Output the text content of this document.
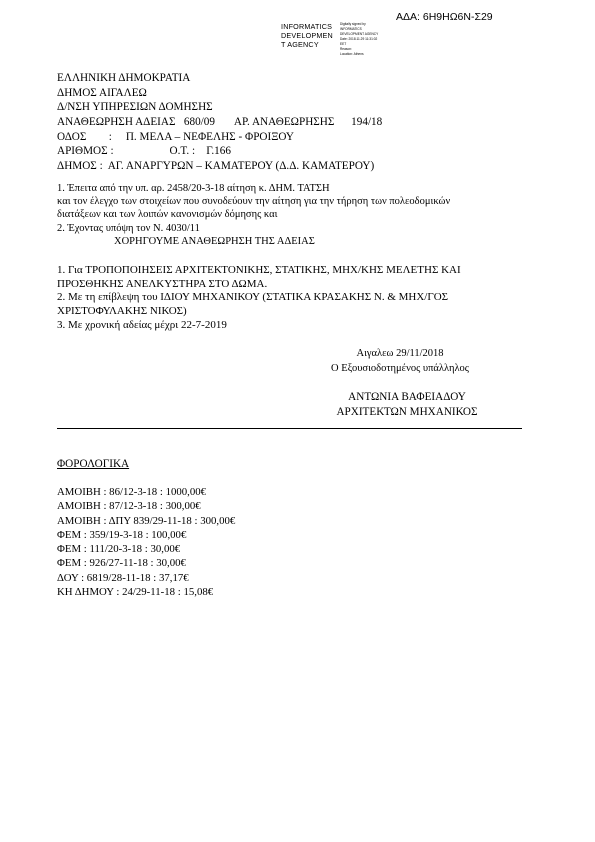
ΑΔΑ: 6Η9ΗΩ6Ν-Σ29
INFORMATICS
DEVELOPMEN
T AGENCY
Digitally signed by
INFORMATICS
DEVELOPMENT AGENCY
Date: 2018.11.29 11:31:02
EET
Reason:
Location: Athens
ΕΛΛΗΝΙΚΗ ΔΗΜΟΚΡΑΤΙΑ
ΔΗΜΟΣ ΑΙΓΑΛΕΩ
Δ/ΝΣΗ ΥΠΗΡΕΣΙΩΝ ΔΟΜΗΣΗΣ
ΑΝΑΘΕΩΡΗΣΗ ΑΔΕΙΑΣ   680/09       ΑΡ. ΑΝΑΘΕΩΡΗΣΗΣ      194/18
ΟΔΟΣ        :     Π. ΜΕΛΑ – ΝΕΦΕΛΗΣ - ΦΡΟΙΞΟΥ
ΑΡΙΘΜΟΣ :                    Ο.Τ. :    Γ.166
ΔΗΜΟΣ :  ΑΓ. ΑΝΑΡΓΥΡΩΝ – ΚΑΜΑΤΕΡΟΥ (Δ.Δ. ΚΑΜΑΤΕΡΟΥ)
1. Έπειτα από την υπ. αρ. 2458/20-3-18 αίτηση κ. ΔΗΜ. ΤΑΤΣΗ
και τον έλεγχο των στοιχείων που συνοδεύουν την αίτηση για την τήρηση των πολεοδομικών
διατάξεων και των λοιπών κανονισμών δόμησης και
2. Έχοντας υπόψη τον Ν. 4030/11
ΧΟΡΗΓΟΥΜΕ ΑΝΑΘΕΩΡΗΣΗ ΤΗΣ ΑΔΕΙΑΣ
1. Για ΤΡΟΠΟΠΟΙΗΣΕΙΣ ΑΡΧΙΤΕΚΤΟΝΙΚΗΣ, ΣΤΑΤΙΚΗΣ, ΜΗΧ/ΚΗΣ ΜΕΛΕΤΗΣ ΚΑΙ
ΠΡΟΣΘΗΚΗΣ ΑΝΕΛΚΥΣΤΗΡΑ ΣΤΟ ΔΩΜΑ.
2. Με τη επίβλεψη του ΙΔΙΟΥ ΜΗΧΑΝΙΚΟΥ (ΣΤΑΤΙΚΑ ΚΡΑΣΑΚΗΣ Ν. & ΜΗΧ/ΓΟΣ
ΧΡΙΣΤΟΦΥΛΑΚΗΣ ΝΙΚΟΣ)
3. Με χρονική αδείας μέχρι 22-7-2019
Αιγαλεω 29/11/2018
Ο Εξουσιοδοτημένος υπάλληλος
ΑΝΤΩΝΙΑ ΒΑΦΕΙΑΔΟΥ
ΑΡΧΙΤΕΚΤΩΝ ΜΗΧΑΝΙΚΟΣ
ΦΟΡΟΛΟΓΙΚΑ
ΑΜΟΙΒΗ : 86/12-3-18 : 1000,00€
ΑΜΟΙΒΗ : 87/12-3-18 : 300,00€
ΑΜΟΙΒΗ : ΔΠΥ 839/29-11-18 : 300,00€
ΦΕΜ : 359/19-3-18 : 100,00€
ΦΕΜ : 111/20-3-18 : 30,00€
ΦΕΜ : 926/27-11-18 : 30,00€
ΔΟΥ : 6819/28-11-18 : 37,17€
ΚΗ ΔΗΜΟΥ : 24/29-11-18 : 15,08€
